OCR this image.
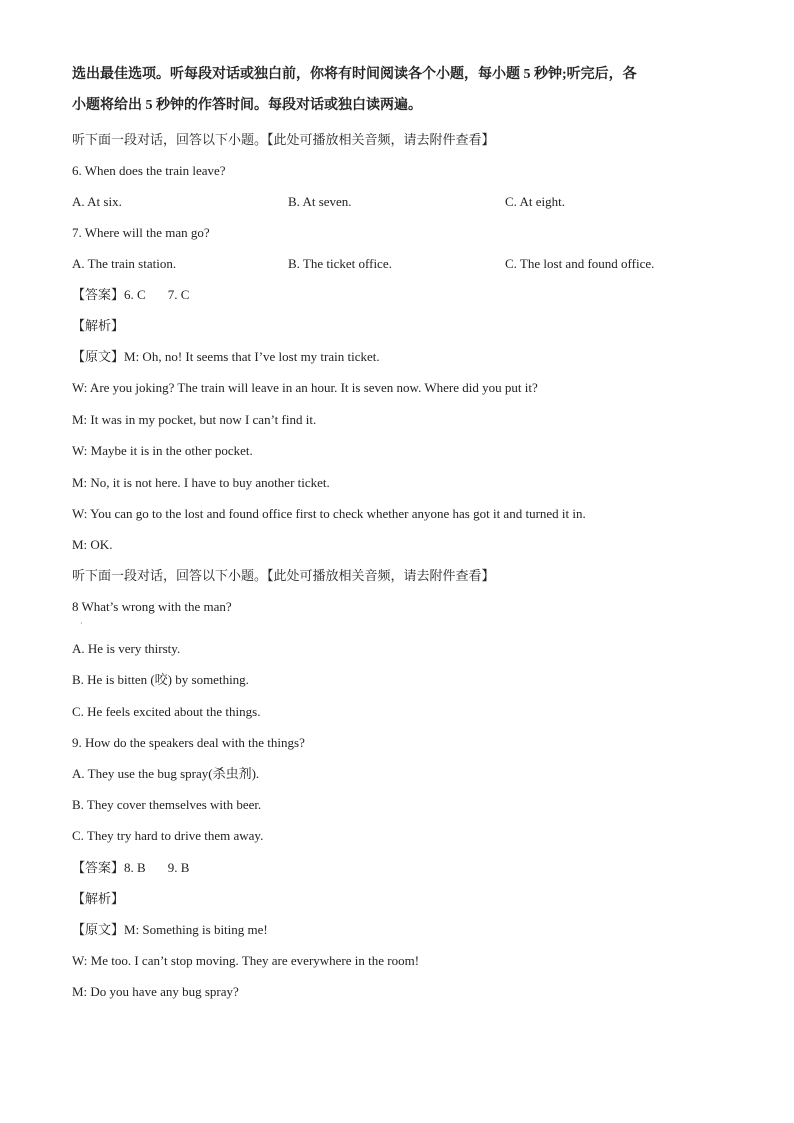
选出最佳选项。听每段对话或独白前，你将有时间阅读各个小题，每小题 5 秒钟;听完后，各
小题将给出 5 秒钟的作答时间。每段对话或独白读两遍。
听下面一段对话，回答以下小题。【此处可播放相关音频，请去附件查看】
6. When does the train leave?
A. At six.	B. At seven.	C. At eight.
7. Where will the man go?
A. The train station.	B. The ticket office.	C. The lost and found office.
【答案】6. C 7. C
【解析】
【原文】M: Oh, no! It seems that I’ve lost my train ticket.
W: Are you joking? The train will leave in an hour. It is seven now. Where did you put it?
M: It was in my pocket, but now I can’t find it.
W: Maybe it is in the other pocket.
M: No, it is not here. I have to buy another ticket.
W: You can go to the lost and found office first to check whether anyone has got it and turned it in.
M: OK.
听下面一段对话，回答以下小题。【此处可播放相关音频，请去附件查看】
8 What’s wrong with the man?
·
A. He is very thirsty.
B. He is bitten (咬) by something.
C. He feels excited about the things.
9. How do the speakers deal with the things?
A. They use the bug spray(杀虫剂).
B. They cover themselves with beer.
C. They try hard to drive them away.
【答案】8. B 9. B
【解析】
【原文】M: Something is biting me!
W: Me too. I can’t stop moving. They are everywhere in the room!
M: Do you have any bug spray?
